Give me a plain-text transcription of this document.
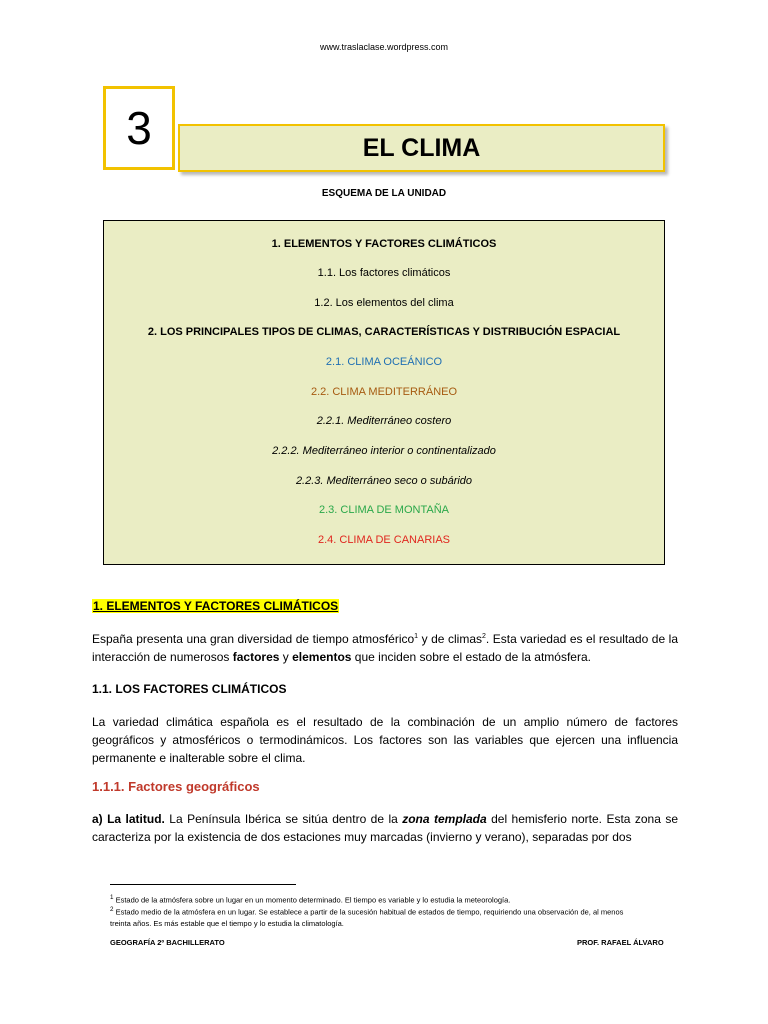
www.traslaclase.wordpress.com
3	EL CLIMA
ESQUEMA DE LA UNIDAD
1. ELEMENTOS Y FACTORES CLIMÁTICOS
1.1. Los factores climáticos
1.2. Los elementos del clima
2. LOS PRINCIPALES TIPOS DE CLIMAS, CARACTERÍSTICAS Y DISTRIBUCIÓN ESPACIAL
2.1. CLIMA OCEÁNICO
2.2. CLIMA MEDITERRÁNEO
2.2.1. Mediterráneo costero
2.2.2. Mediterráneo interior o continentalizado
2.2.3. Mediterráneo seco o subárido
2.3. CLIMA DE MONTAÑA
2.4. CLIMA DE CANARIAS
1. ELEMENTOS Y FACTORES CLIMÁTICOS
España presenta una gran diversidad de tiempo atmosférico$^1$ y de climas$^2$. Esta variedad es el resultado de la interacción de numerosos factores y elementos que inciden sobre el estado de la atmósfera.
1.1. LOS FACTORES CLIMÁTICOS
La variedad climática española es el resultado de la combinación de un amplio número de factores geográficos y atmosféricos o termodinámicos. Los factores son las variables que ejercen una influencia permanente e inalterable sobre el clima.
1.1.1. Factores geográficos
a) La latitud. La Península Ibérica se sitúa dentro de la zona templada del hemisferio norte. Esta zona se caracteriza por la existencia de dos estaciones muy marcadas (invierno y verano), separadas por dos
$^1$ Estado de la atmósfera sobre un lugar en un momento determinado. El tiempo es variable y lo estudia la meteorología.
$^2$ Estado medio de la atmósfera en un lugar. Se establece a partir de la sucesión habitual de estados de tiempo, requiriendo una observación de, al menos treinta años. Es más estable que el tiempo y lo estudia la climatología.
GEOGRAFÍA 2º BACHILLERATO	PROF. RAFAEL ÁLVARO
